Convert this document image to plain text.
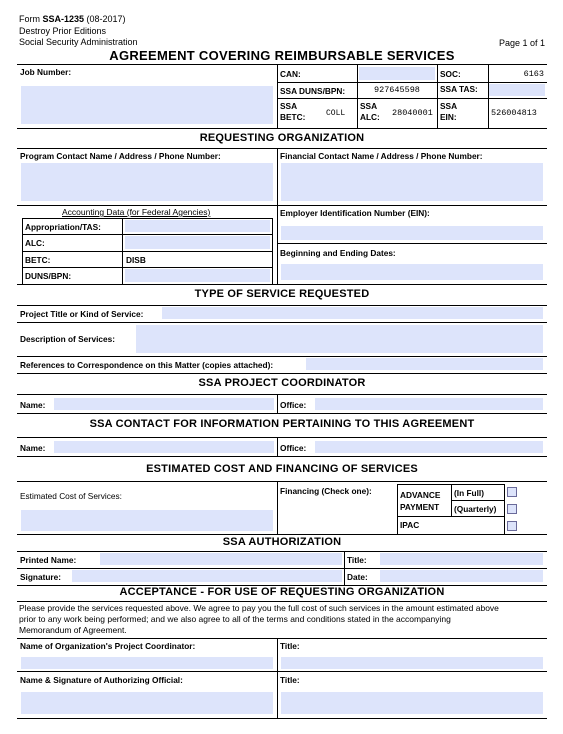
Form SSA-1235 (08-2017)
Destroy Prior Editions
Social Security Administration	Page 1 of 1
AGREEMENT COVERING REIMBURSABLE SERVICES
Job Number:	CAN:	SOC:	6163
SSA DUNS/BPN:	927645598 SSA TAS:
SSA BETC:	COLL
SSA ALC:	28040001
SSA EIN:	526004813
REQUESTING ORGANIZATION
Program Contact Name / Address / Phone Number:	Financial Contact Name / Address / Phone Number:
Accounting Data (for Federal Agencies)
Appropriation/TAS:
ALC:
BETC:	DISB
DUNS/BPN:
Employer Identification Number (EIN):
Beginning and Ending Dates:
TYPE OF SERVICE REQUESTED
Project Title or Kind of Service:
Description of Services:
References to Correspondence on this Matter (copies attached):
SSA PROJECT COORDINATOR
Name:	Office:
SSA CONTACT FOR INFORMATION PERTAINING TO THIS AGREEMENT
Name:	Office:
ESTIMATED COST AND FINANCING OF SERVICES
Estimated Cost of Services:	Financing (Check one):	ADVANCE
PAYMENT
(In Full)
(Quarterly)
IPAC
SSA AUTHORIZATION
Printed Name:	Title:
Signature:	Date:
ACCEPTANCE - FOR USE OF REQUESTING ORGANIZATION
Please provide the services requested above. We agree to pay you the full cost of such services in the amount estimated above
prior to any work being performed; and we also agree to all of the terms and conditions stated in the accompanying
Memorandum of Agreement.
Name of Organization's Project Coordinator:	Title:
Name & Signature of Authorizing Official:	Title:
